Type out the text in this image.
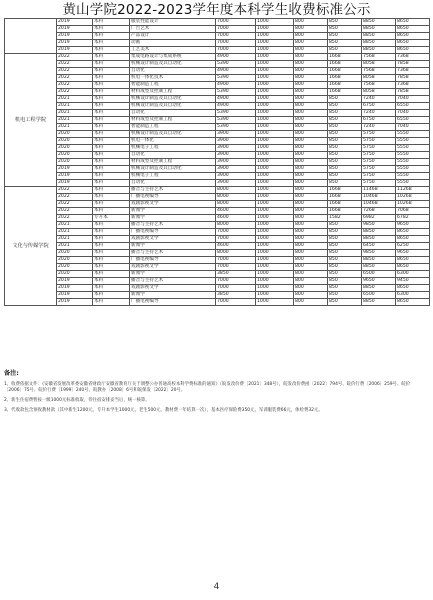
黄山学院2022-2023学年度本科学生收费标准公示
	2019	本科	服装性能设计	7000	1000	800	850	8850	8650
	2019	本科	广告艺术	7000	1000	800	850	8850	8650
	2019	本科	产品设计	7000	1000	800	850	8850	8650
	2019	本科	动画	7000	1000	800	850	8850	8650
	2019	本科	工艺美术	7000	1000	800	850	8850	8650
机电工程学院	2022	本科	集成电路设计与集成系统	4900	1000	800	1668	7568	7368
	2022	本科	机械设计制造及其自动化	5390	1000	800	1668	8058	7858
	2022	本科	自动化	4900	1000	800	1668	7568	7368
	2022	本科	机电一体化技术	5390	1000	800	1668	8058	7858
	2022	本科	智能制造工程	4900	1000	800	1668	7568	7368
	2022	本科	材料成型及控制工程	5390	1000	800	1668	8058	7858
	2021	本科	机械设计制造及其自动化	4900	1000	800	850	7240	7040
	2021	本科	机械设计制造及其自动化	4900	1000	800	850	6750	6550
	2021	本科	自动化	5390	1000	800	850	7240	7040
	2021	本科	材料成型及控制工程	5390	1000	800	850	6750	6550
	2021	本科	智能制造工程	5390	1000	800	850	7240	7040
	2020	本科	机械设计制造及其自动化	3900	1000	800	850	5750	5550
	2020	本科	机电一体化	3900	1000	800	850	5750	5550
	2020	本科	机械电子工程	3900	1000	800	850	5750	5550
	2020	本科	自动化	3900	1000	800	850	5750	5550
	2020	本科	材料成型及控制工程	3900	1000	800	850	5750	5550
	2019	本科	机械设计制造及其自动化	3900	1000	800	850	5750	5550
	2019	本科	机械电子工程	3900	1000	800	850	5750	5550
	2019	本科	自动化	3900	1000	800	850	5750	5550
文化与传媒学院	2022	本科	播音与主持艺术	8000	1000	800	1668	11468	11268
	2022	本科	广播电视编导	8000	1000	800	1668	10468	10268
	2022	本科	戏剧影视文学	8000	1000	800	1668	10468	10268
	2022	本科	新闻学	4600	1000	800	1668	7268	7068
	2022	专升本	新闻学	4600	1000	800	1582	6982	6782
	2021	本科	播音与主持艺术	8000	1000	800	850	9850	9650
	2021	本科	广播电视编导	7000	1000	800	850	8850	8650
	2021	本科	戏剧影视文学	7000	1000	800	850	8850	8650
	2021	本科	新闻学	4600	1000	800	850	6450	6250
	2020	本科	播音与主持艺术	8000	1000	800	850	9850	9650
	2020	本科	广播电视编导	7000	1000	800	850	8850	8650
	2020	本科	戏剧影视文学	7000	1000	800	850	8850	8650
	2020	本科	新闻学	3850	1000	800	850	6500	6300
	2019	本科	播音与主持艺术	7000	1000	800	850	9650	9450
	2019	本科	戏剧影视文学	7000	1000	800	850	8850	8650
	2019	本科	新闻学	3850	1000	800	850	6500	6300
	2019	本科	广播电视编导	7000	1000	800	850	8850	8650
备注:
1、收费依据文件：《安徽省发展改革委安徽省财政厅安徽省教育厅关于调整公办普通高校本科学费标准的通知》（皖发改价费〔2021〕348号），皖发改价费函〔2022〕794号、皖价行费〔2006〕259号、皖价〔2006〕75号、皖价行费〔1999〕240号、皖教办〔2008〕6号和皖保发〔2022〕20号。
2、新生住宿费暂按一级1000元标准收取，待住宿安排妥当后，统一核算。
3、代收款包含预收教材款（其中新生1200元，专升本学生1000元，老生500元，教材费一年结算一次），基本医疗保险费350元，军训服装费66元，体检费32元。
4
